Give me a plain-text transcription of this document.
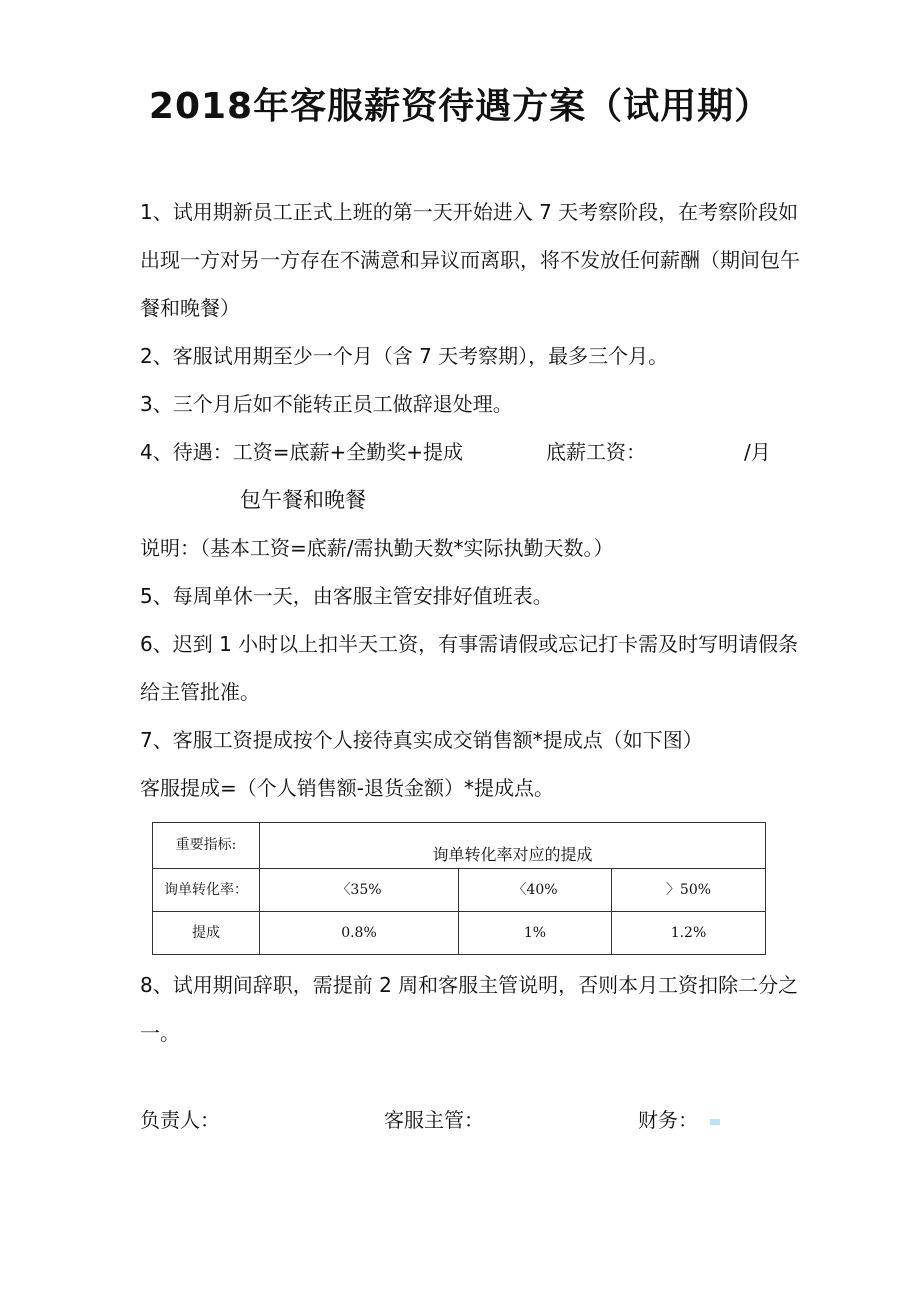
2018年客服薪资待遇方案（试用期）

1、试用期新员工正式上班的第一天开始进入 7 天考察阶段，在考察阶段如出现一方对另一方存在不满意和异议而离职，将不发放任何薪酬（期间包午餐和晚餐）

2、客服试用期至少一个月（含 7 天考察期），最多三个月。

3、三个月后如不能转正员工做辞退处理。

4、待遇：工资=底薪+全勤奖+提成	底薪工资：	/月

包午餐和晚餐

说明：（基本工资=底薪/需执勤天数*实际执勤天数。）

5、每周单休一天，由客服主管安排好值班表。

6、迟到 1 小时以上扣半天工资，有事需请假或忘记打卡需及时写明请假条给主管批准。

7、客服工资提成按个人接待真实成交销售额*提成点（如下图）

客服提成=（个人销售额-退货金额）*提成点。

重要指标:	询单转化率对应的提成		
询单转化率：	〈35%	〈40%	〉50%
提成	0.8%	1%	1.2%

8、试用期间辞职，需提前 2 周和客服主管说明，否则本月工资扣除二分之一。

负责人：	客服主管：	财务：
